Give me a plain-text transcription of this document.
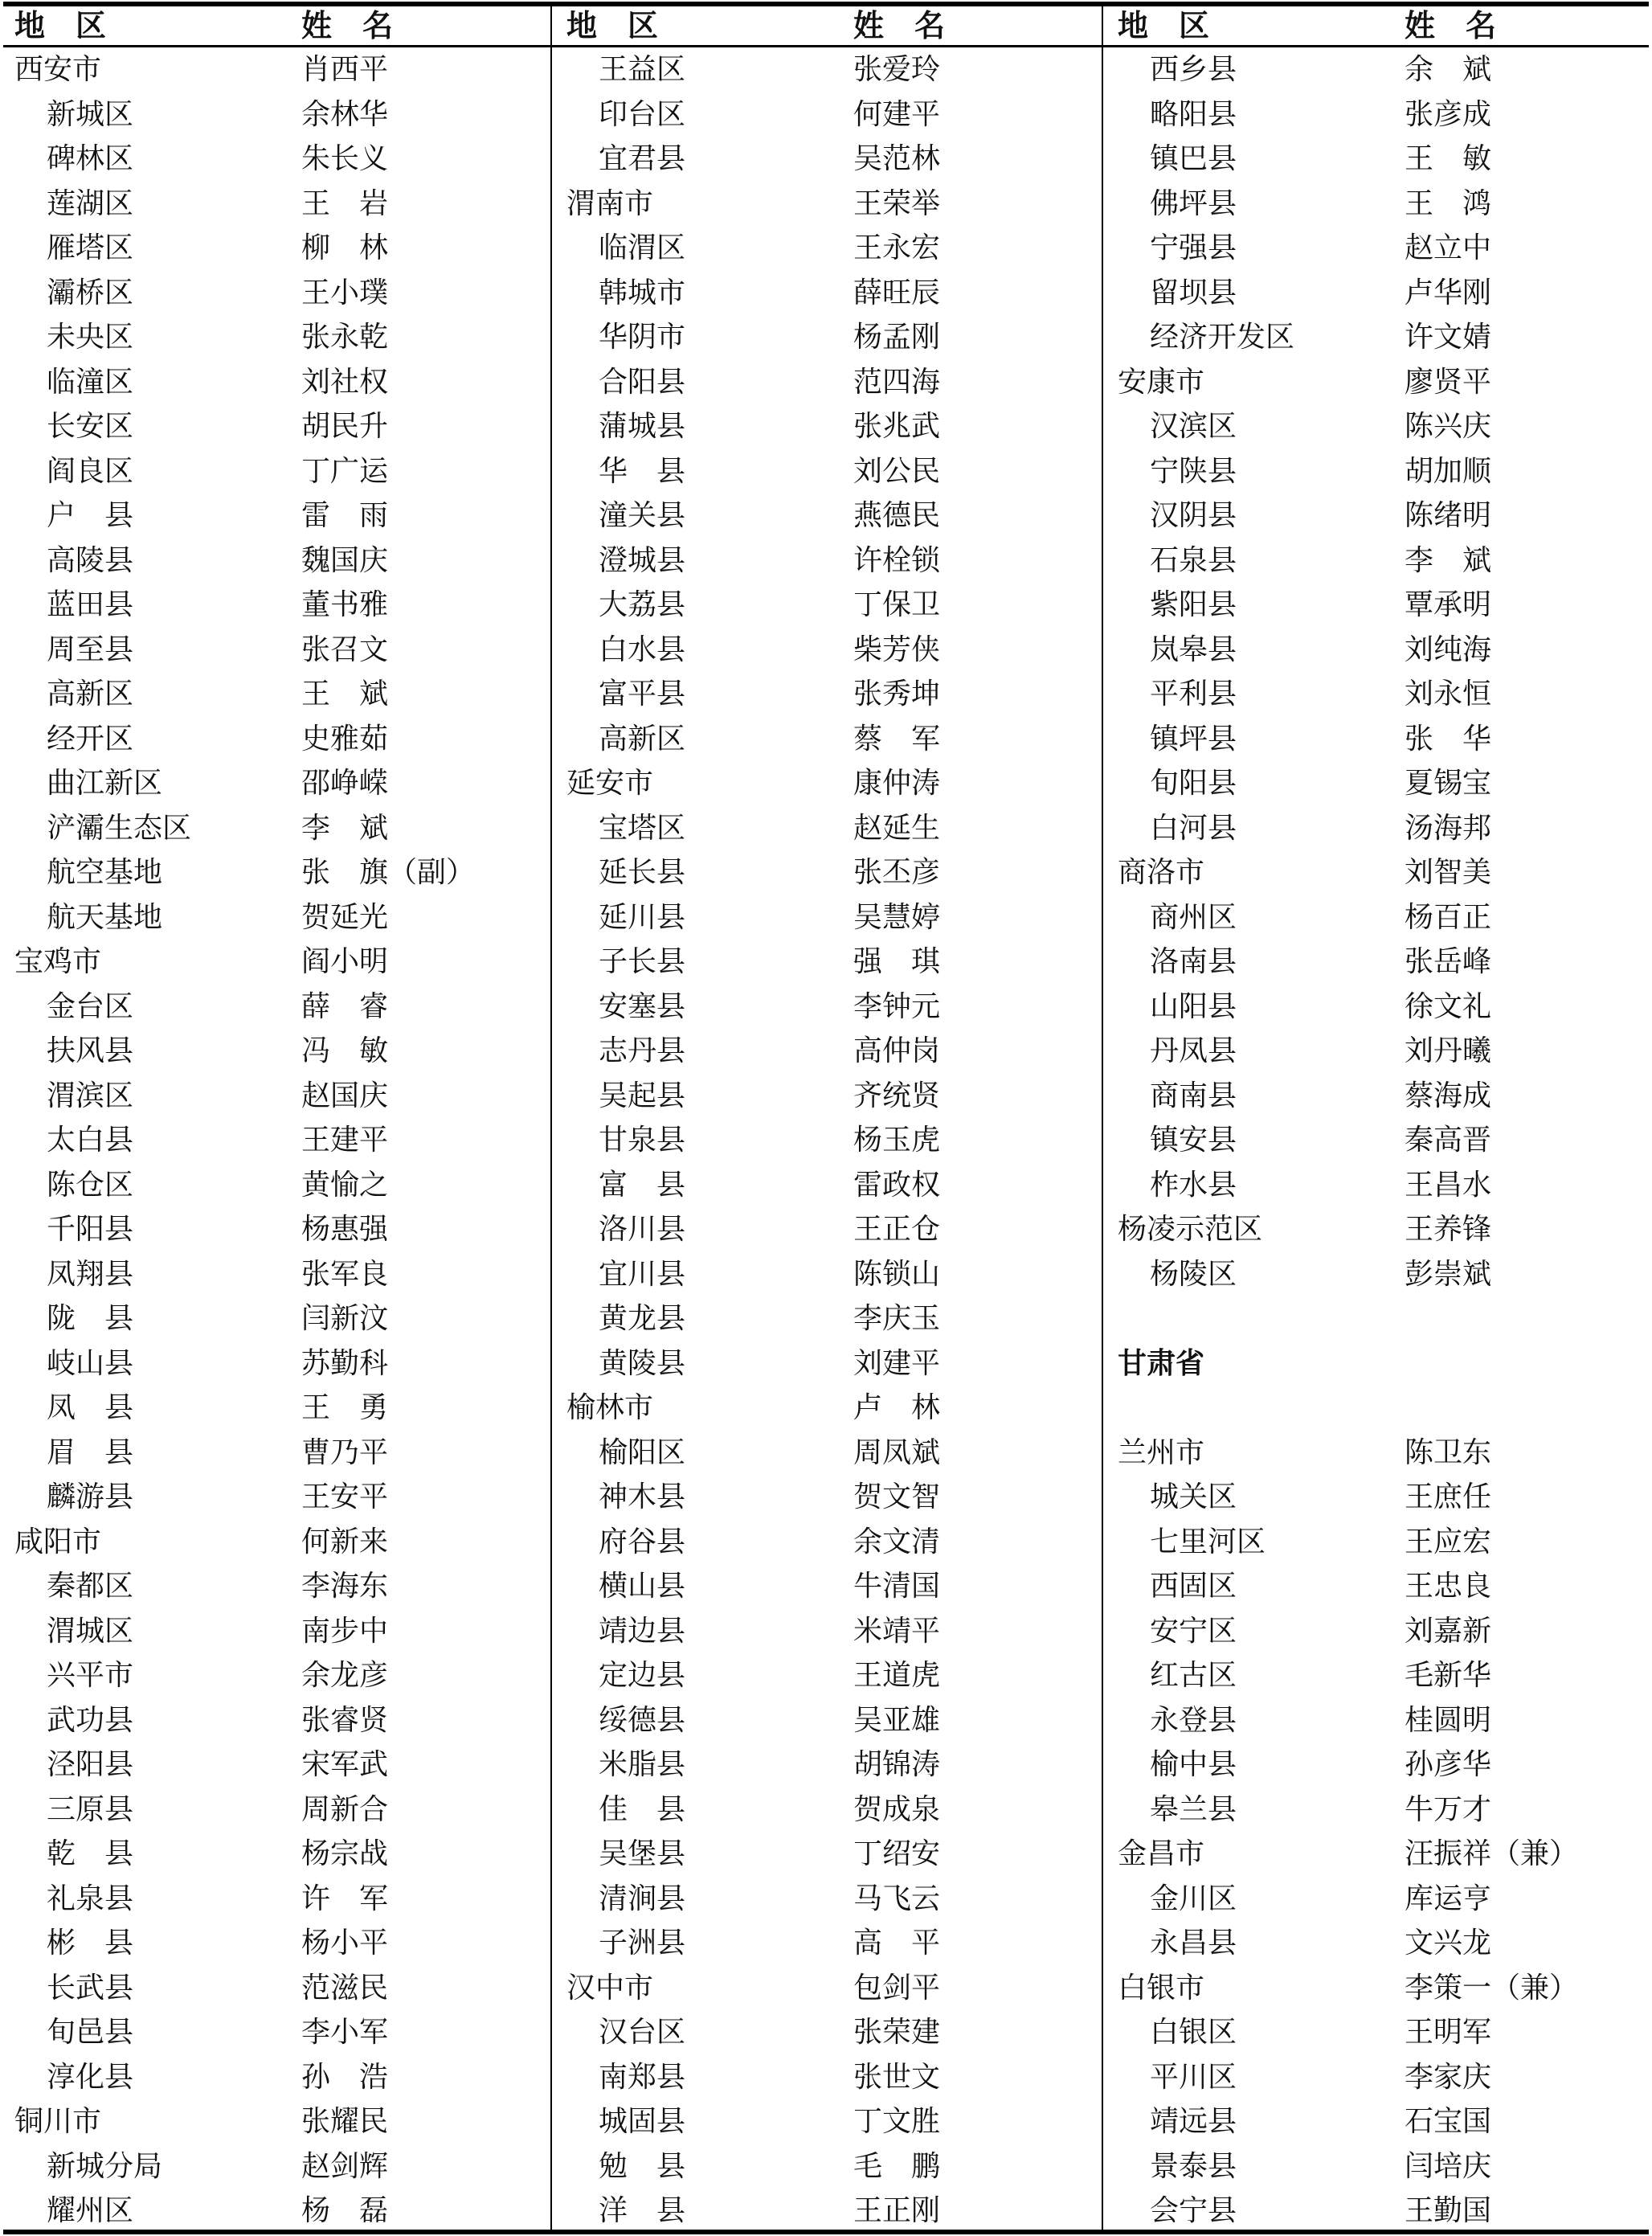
地　区	姓　名
西安市	肖西平
新城区	余林华
碑林区	朱长义
莲湖区	王　岩
雁塔区	柳　林
灞桥区	王小璞
未央区	张永乾
临潼区	刘社权
长安区	胡民升
阎良区	丁广运
户　县	雷　雨
高陵县	魏国庆
蓝田县	董书雅
周至县	张召文
高新区	王　斌
经开区	史雅茹
曲江新区	邵峥嵘
浐灞生态区	李　斌
航空基地	张　旗（副）
航天基地	贺延光
宝鸡市	阎小明
金台区	薛　睿
扶风县	冯　敏
渭滨区	赵国庆
太白县	王建平
陈仓区	黄愉之
千阳县	杨惠强
凤翔县	张军良
陇　县	闫新汶
岐山县	苏勤科
凤　县	王　勇
眉　县	曹乃平
麟游县	王安平
咸阳市	何新来
秦都区	李海东
渭城区	南步中
兴平市	余龙彦
武功县	张睿贤
泾阳县	宋军武
三原县	周新合
乾　县	杨宗战
礼泉县	许　军
彬　县	杨小平
长武县	范滋民
旬邑县	李小军
淳化县	孙　浩
铜川市	张耀民
新城分局	赵剑辉
耀州区	杨　磊
地　区	姓　名
王益区	张爱玲
印台区	何建平
宜君县	吴范林
渭南市	王荣举
临渭区	王永宏
韩城市	薛旺辰
华阴市	杨孟刚
合阳县	范四海
蒲城县	张兆武
华　县	刘公民
潼关县	燕德民
澄城县	许栓锁
大荔县	丁保卫
白水县	柴芳侠
富平县	张秀坤
高新区	蔡　军
延安市	康仲涛
宝塔区	赵延生
延长县	张丕彦
延川县	吴慧婷
子长县	强　琪
安塞县	李钟元
志丹县	高仲岗
吴起县	齐统贤
甘泉县	杨玉虎
富　县	雷政权
洛川县	王正仓
宜川县	陈锁山
黄龙县	李庆玉
黄陵县	刘建平
榆林市	卢　林
榆阳区	周凤斌
神木县	贺文智
府谷县	余文清
横山县	牛清国
靖边县	米靖平
定边县	王道虎
绥德县	吴亚雄
米脂县	胡锦涛
佳　县	贺成泉
吴堡县	丁绍安
清涧县	马飞云
子洲县	高　平
汉中市	包剑平
汉台区	张荣建
南郑县	张世文
城固县	丁文胜
勉　县	毛　鹏
洋　县	王正刚
地　区	姓　名
西乡县	余　斌
略阳县	张彦成
镇巴县	王　敏
佛坪县	王　鸿
宁强县	赵立中
留坝县	卢华刚
经济开发区	许文婧
安康市	廖贤平
汉滨区	陈兴庆
宁陕县	胡加顺
汉阴县	陈绪明
石泉县	李　斌
紫阳县	覃承明
岚皋县	刘纯海
平利县	刘永恒
镇坪县	张　华
旬阳县	夏锡宝
白河县	汤海邦
商洛市	刘智美
商州区	杨百正
洛南县	张岳峰
山阳县	徐文礼
丹凤县	刘丹曦
商南县	蔡海成
镇安县	秦高晋
柞水县	王昌水
杨凌示范区	王养锋
杨陵区	彭崇斌
甘肃省
兰州市	陈卫东
城关区	王庶任
七里河区	王应宏
西固区	王忠良
安宁区	刘嘉新
红古区	毛新华
永登县	桂圆明
榆中县	孙彦华
皋兰县	牛万才
金昌市	汪振祥（兼）
金川区	库运亨
永昌县	文兴龙
白银市	李策一（兼）
白银区	王明军
平川区	李家庆
靖远县	石宝国
景泰县	闫培庆
会宁县	王勤国
